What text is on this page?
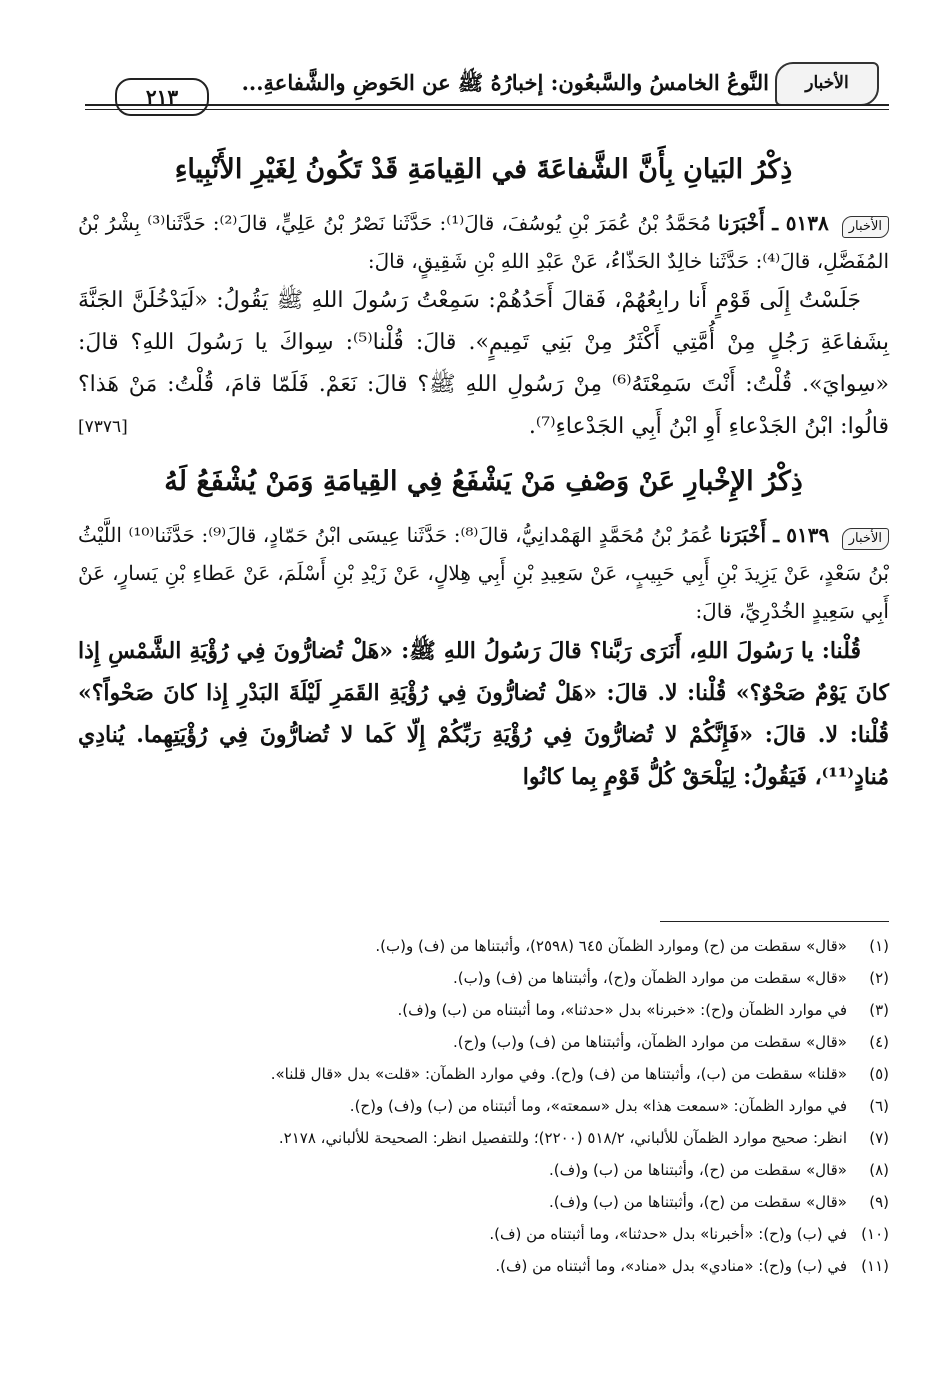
الأخبار
النَّوعُ الخامسُ والسَّبعُون: إخبارُهُ ﷺ عن الحَوضِ والشَّفاعةِ...
٢١٣
ذِكْرُ البَيانِ بِأَنَّ الشَّفاعَةَ في القِيامَةِ قَدْ تَكُونُ لِغَيْرِ الأَنْبِياءِ

الأخبار ٥١٣٨ ـ أَخْبَرَنا مُحَمَّدُ بْنُ عُمَرَ بْنِ يُوسُفَ، قالَ⁽¹⁾: حَدَّثَنا نَصْرُ بْنُ عَلِيٍّ، قالَ⁽²⁾: حَدَّثَنا⁽³⁾ بِشْرُ بْنُ المُفَضَّلِ، قالَ⁽⁴⁾: حَدَّثَنا خالِدٌ الحَذّاءُ، عَنْ عَبْدِ اللهِ بْنِ شَقِيقٍ، قالَ:

جَلَسْتُ إِلَى قَوْمٍ أَنا رابِعُهُمْ، فَقالَ أَحَدُهُمْ: سَمِعْتُ رَسُولَ اللهِ ﷺ يَقُولُ: «لَيَدْخُلَنَّ الجَنَّةَ بِشَفاعَةِ رَجُلٍ مِنْ أُمَّتِي أَكْثَرُ مِنْ بَنِي تَمِيمٍ». قالَ: قُلْنا⁽⁵⁾: سِواكَ يا رَسُولَ اللهِ؟ قالَ: «سِوايَ». قُلْتُ: أَنْتَ سَمِعْتَهُ⁽⁶⁾ مِنْ رَسُولِ اللهِ ﷺ؟ قالَ: نَعَمْ. فَلَمّا قامَ، قُلْتُ: مَنْ هَذا؟ قالُوا: ابْنُ الجَدْعاءِ أَوِ ابْنُ أَبِي الجَدْعاءِ⁽⁷⁾.
[٧٣٧٦]

ذِكْرُ الإِخْبارِ عَنْ وَصْفِ مَنْ يَشْفَعُ فِي القِيامَةِ وَمَنْ يُشْفَعُ لَهُ

الأخبار ٥١٣٩ ـ أَخْبَرَنا عُمَرُ بْنُ مُحَمَّدٍ الهَمْدانِيُّ، قالَ⁽⁸⁾: حَدَّثَنا عِيسَى ابْنُ حَمّادٍ، قالَ⁽⁹⁾: حَدَّثَنا⁽¹⁰⁾ اللَّيْثُ بْنُ سَعْدٍ، عَنْ يَزِيدَ بْنِ أَبِي حَبِيبٍ، عَنْ سَعِيدِ بْنِ أَبِي هِلالٍ، عَنْ زَيْدِ بْنِ أَسْلَمَ، عَنْ عَطاءِ بْنِ يَسارٍ، عَنْ أَبِي سَعِيدٍ الخُدْرِيِّ، قالَ:

قُلْنا: يا رَسُولَ اللهِ، أَنَرَى رَبَّنا؟ قالَ رَسُولُ اللهِ ﷺ: «هَلْ تُضارُّونَ فِي رُؤْيَةِ الشَّمْسِ إِذا كانَ يَوْمٌ صَحْوٌ؟» قُلْنا: لا. قالَ: «هَلْ تُضارُّونَ فِي رُؤْيَةِ القَمَرِ لَيْلَةَ البَدْرِ إِذا كانَ صَحْواً؟» قُلْنا: لا. قالَ: «فَإِنَّكُمْ لا تُضارُّونَ فِي رُؤْيَةِ رَبِّكُمْ إِلّا كَما لا تُضارُّونَ فِي رُؤْيَتِهِما. يُنادِي مُنادٍ⁽¹¹⁾، فَيَقُولُ: لِيَلْحَقْ كُلُّ قَوْمٍ بِما كانُوا

(١)«قال» سقطت من (ح) وموارد الظمآن ٦٤٥ (٢٥٩٨)، وأثبتناها من (ف) و(ب).

(٢)«قال» سقطت من موارد الظمآن و(ح)، وأثبتناها من (ف) و(ب).

(٣)في موارد الظمآن و(ح): «خبرنا» بدل «حدثنا»، وما أثبتناه من (ب) و(ف).

(٤)«قال» سقطت من موارد الظمآن، وأثبتناها من (ف) و(ب) و(ح).

(٥)«قلنا» سقطت من (ب)، وأثبتناها من (ف) و(ح). وفي موارد الظمآن: «قلت» بدل «قال قلنا».

(٦)في موارد الظمآن: «سمعت هذا» بدل «سمعته»، وما أثبتناه من (ب) و(ف) و(ح).

(٧)انظر: صحيح موارد الظمآن للألباني، ٥١٨/٢ (٢٢٠٠)؛ وللتفصيل انظر: الصحيحة للألباني، ٢١٧٨.

(٨)«قال» سقطت من (ح)، وأثبتناها من (ب) و(ف).

(٩)«قال» سقطت من (ح)، وأثبتناها من (ب) و(ف).

(١٠)في (ب) و(ح): «أخبرنا» بدل «حدثنا»، وما أثبتناه من (ف).

(١١)في (ب) و(ح): «منادي» بدل «مناد»، وما أثبتناه من (ف).
